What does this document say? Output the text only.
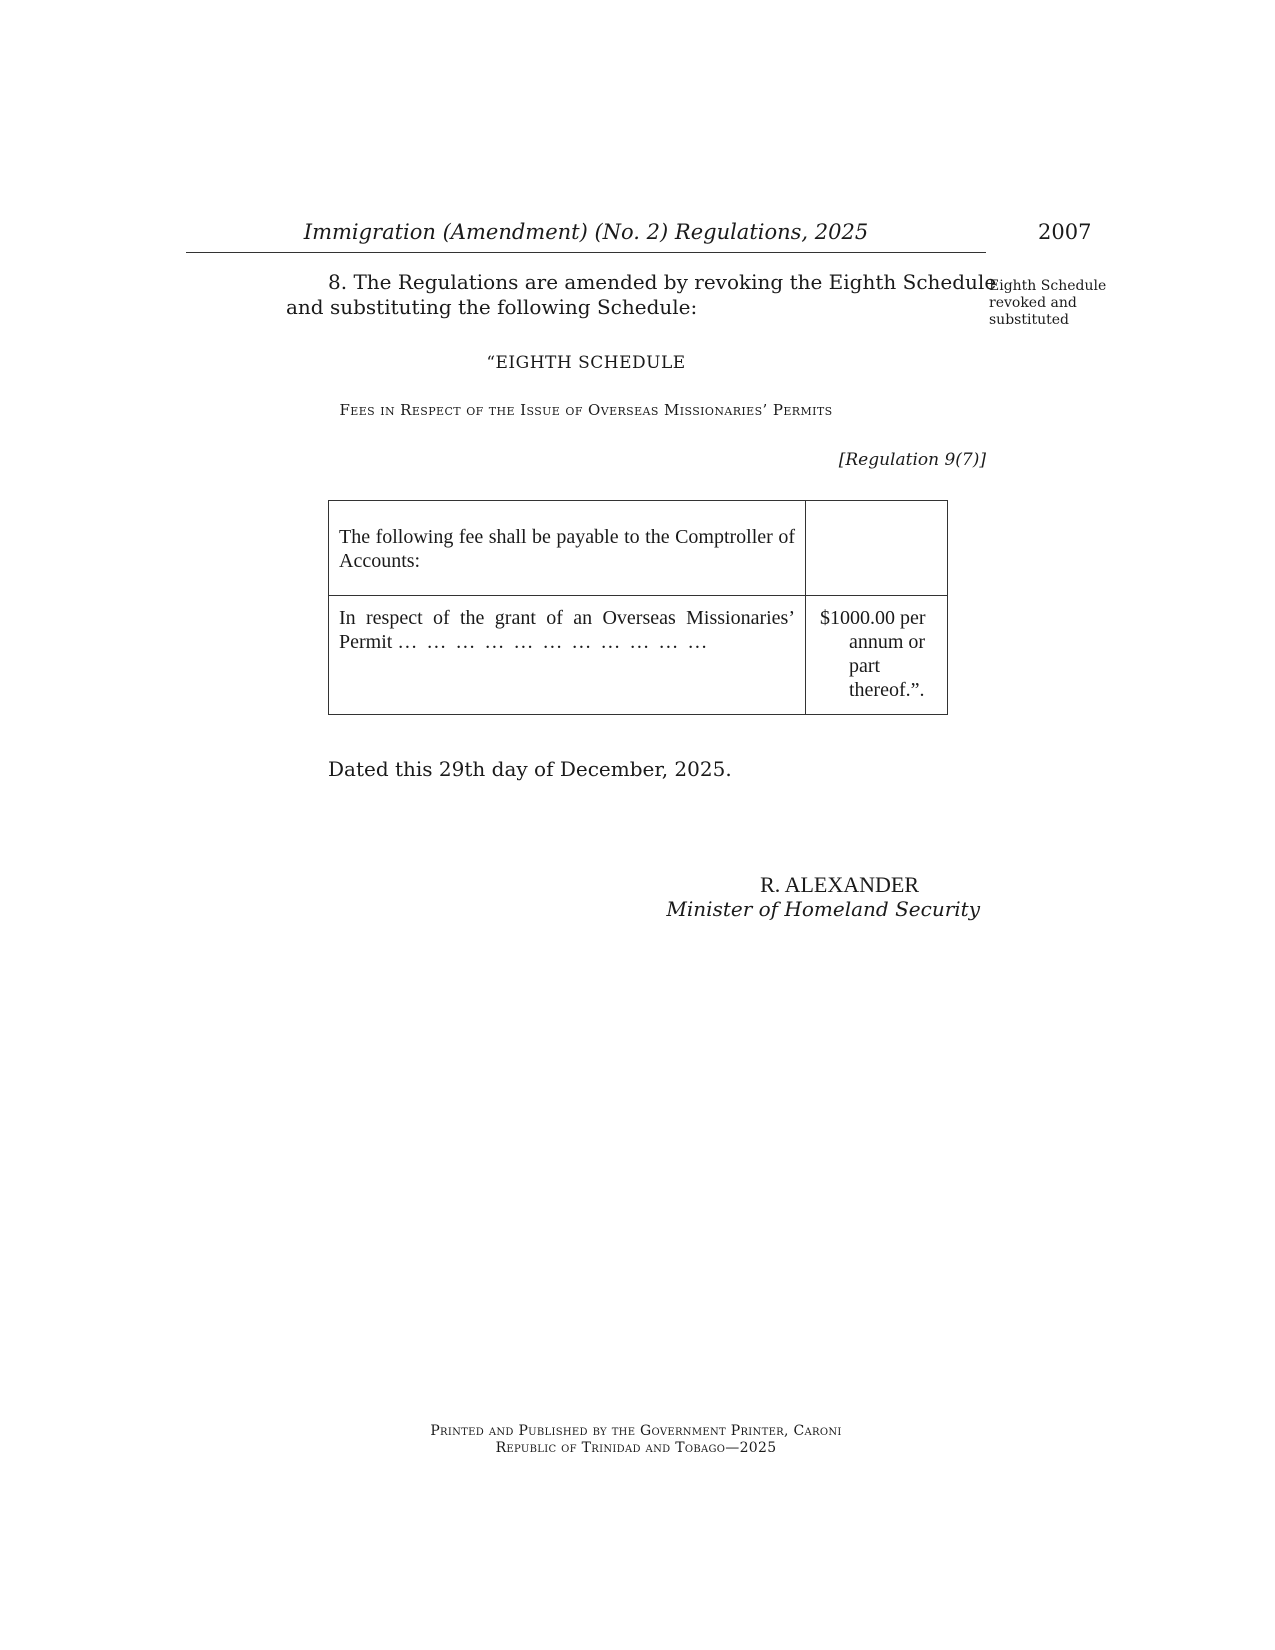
Immigration (Amendment) (No. 2) Regulations, 2025	2007
8. The Regulations are amended by revoking the Eighth Schedule
and substituting the following Schedule:
Eighth Schedule
revoked and
substituted
“EIGHTH SCHEDULE
Fees in Respect of the Issue of Overseas Missionaries’ Permits
[Regulation 9(7)]
The following fee shall be payable to the Comptroller of Accounts:	
In respect of the grant of an Overseas Missionaries’ Permit … … … … … … … … … … …	$1000.00 per
annum or
part
thereof.”.
Dated this 29th day of December, 2025.
R. ALEXANDER
Minister of Homeland Security
Printed and Published by the Government Printer, Caroni
Republic of Trinidad and Tobago—2025
